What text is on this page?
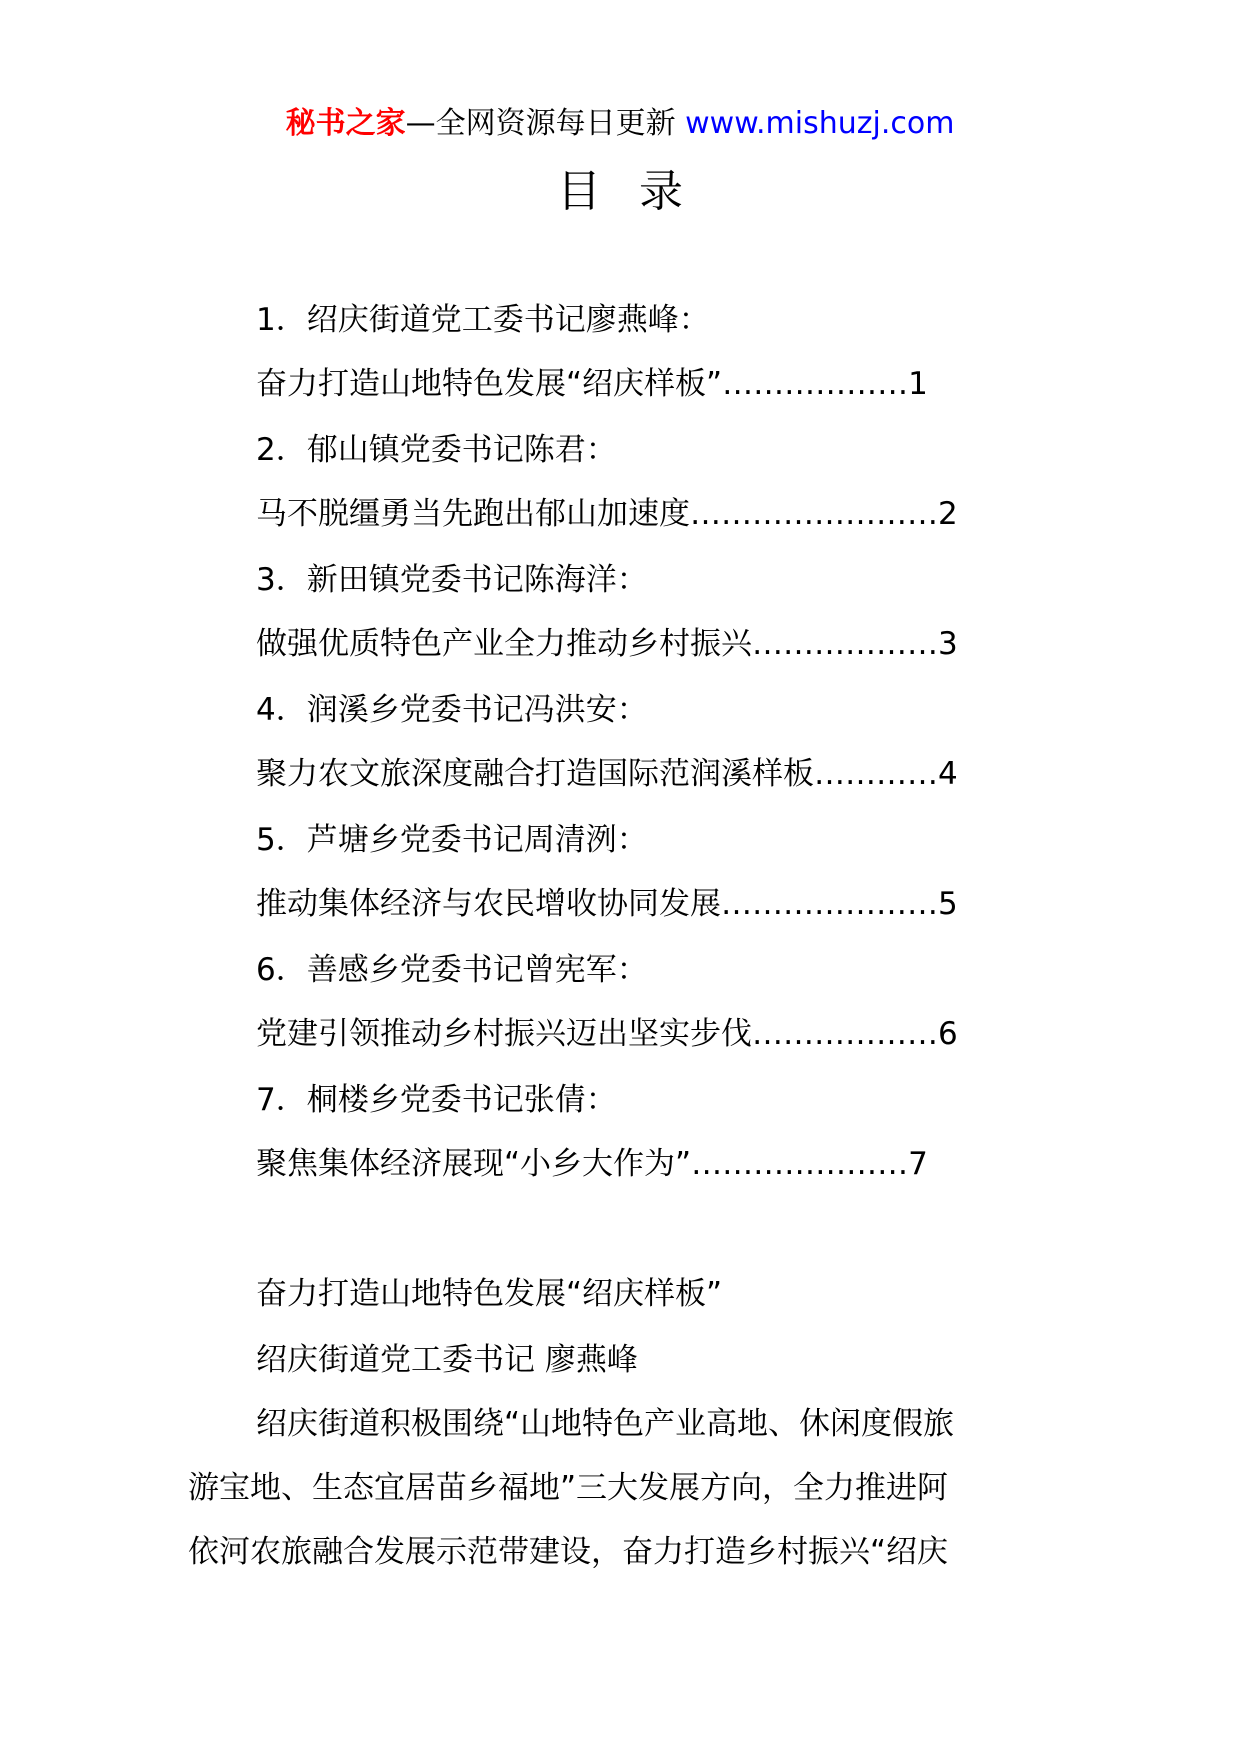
秘书之家—全网资源每日更新 www.mishuzj.com
目录
1．绍庆街道党工委书记廖燕峰：
奋力打造山地特色发展“绍庆样板”………………1
2．郁山镇党委书记陈君：
马不脱缰勇当先跑出郁山加速度……………………2
3．新田镇党委书记陈海洋：
做强优质特色产业全力推动乡村振兴………………3
4．润溪乡党委书记冯洪安：
聚力农文旅深度融合打造国际范润溪样板…………4
5．芦塘乡党委书记周清洌：
推动集体经济与农民增收协同发展…………………5
6．善感乡党委书记曾宪军：
党建引领推动乡村振兴迈出坚实步伐………………6
7．桐楼乡党委书记张倩：
聚焦集体经济展现“小乡大作为”…………………7
奋力打造山地特色发展“绍庆样板”
绍庆街道党工委书记 廖燕峰
绍庆街道积极围绕“山地特色产业高地、休闲度假旅
游宝地、生态宜居苗乡福地”三大发展方向，全力推进阿
依河农旅融合发展示范带建设，奋力打造乡村振兴“绍庆
